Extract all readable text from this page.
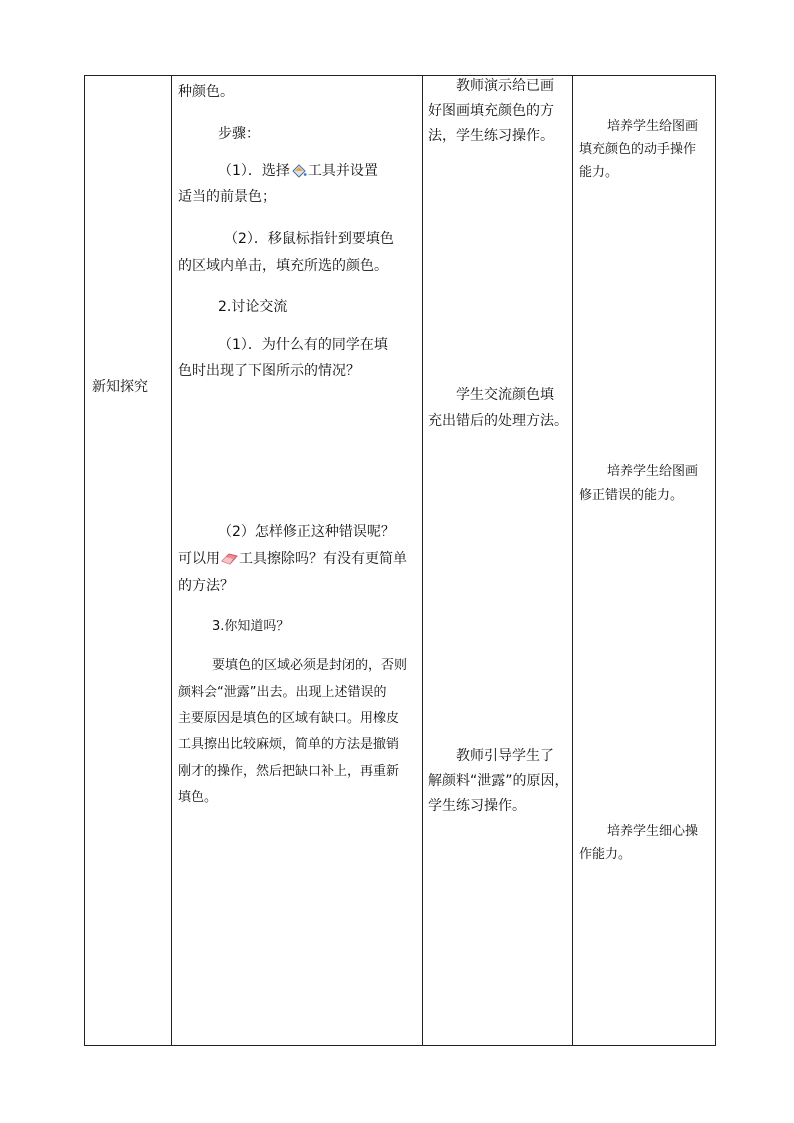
新知探究
种颜色。
步骤：
（1）．选择 工具并设置
适当的前景色；
（2）．移鼠标指针到要填色
的区域内单击，填充所选的颜色。
2.讨论交流
（1）．为什么有的同学在填
色时出现了下图所示的情况？
（2）怎样修正这种错误呢？
可以用 工具擦除吗？有没有更简单
的方法？
3.你知道吗？
要填色的区域必须是封闭的，否则
颜料会“泄露”出去。出现上述错误的
主要原因是填色的区域有缺口。用橡皮
工具擦出比较麻烦，简单的方法是撤销
刚才的操作，然后把缺口补上，再重新
填色。
教师演示给已画
好图画填充颜色的方
法，学生练习操作。
学生交流颜色填
充出错后的处理方法。
教师引导学生了
解颜料“泄露”的原因，
学生练习操作。
培养学生给图画
填充颜色的动手操作
能力。
培养学生给图画
修正错误的能力。
培养学生细心操
作能力。
